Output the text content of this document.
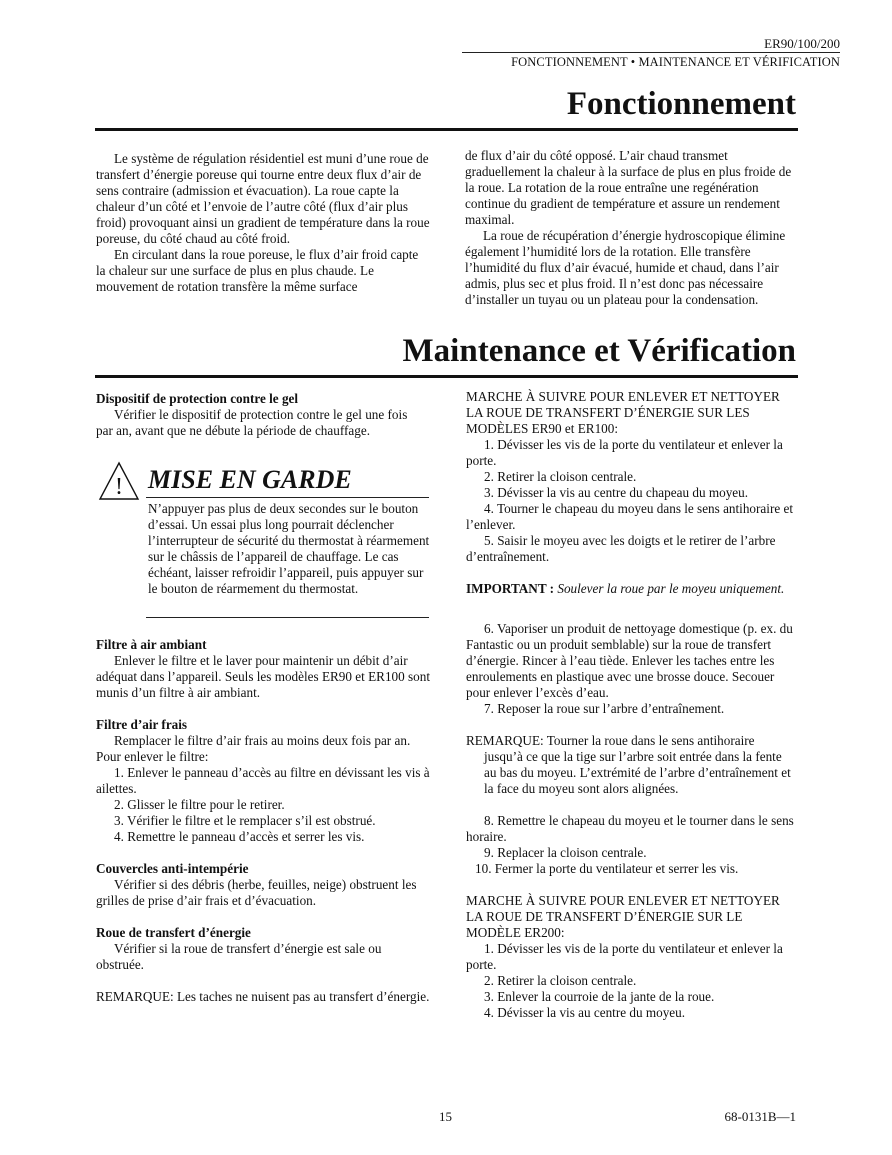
ER90/100/200
FONCTIONNEMENT • MAINTENANCE ET VÉRIFICATION
Fonctionnement

Le système de régulation résidentiel est muni d’une roue de transfert d’énergie poreuse qui tourne entre deux flux d’air de sens contraire (admission et évacuation). La roue capte la chaleur d’un côté et l’envoie de l’autre côté (flux d’air plus froid) provoquant ainsi un gradient de température dans la roue poreuse, du côté chaud au côté froid.

En circulant dans la roue poreuse, le flux d’air froid capte la chaleur sur une surface de plus en plus chaude. Le mouvement de rotation transfère la même surface

de flux d’air du côté opposé. L’air chaud transmet graduellement la chaleur à la surface de plus en plus froide de la roue. La rotation de la roue entraîne une regénération continue du gradient de température et assure un rendement maximal.

La roue de récupération d’énergie hydroscopique élimine également l’humidité lors de la rotation. Elle transfère l’humidité du flux d’air évacué, humide et chaud, dans l’air admis, plus sec et plus froid. Il n’est donc pas nécessaire d’installer un tuyau ou un plateau pour la condensation.

Maintenance et Vérification

Dispositif de protection contre le gel

Vérifier le dispositif de protection contre le gel une fois par an, avant que ne débute la période de chauffage.

! MISE EN GARDE
N’appuyer pas plus de deux secondes sur le bouton d’essai. Un essai plus long pourrait déclencher l’interrupteur de sécurité du thermostat à réarmement sur le châssis de l’appareil de chauffage. Le cas échéant, laisser refroidir l’appareil, puis appuyer sur le bouton de réarmement du thermostat.

Filtre à air ambiant

Enlever le filtre et le laver pour maintenir un débit d’air adéquat dans l’appareil. Seuls les modèles ER90 et ER100 sont munis d’un filtre à air ambiant.

Filtre d’air frais

Remplacer le filtre d’air frais au moins deux fois par an. Pour enlever le filtre:

1. Enlever le panneau d’accès au filtre en dévissant les vis à ailettes.

2. Glisser le filtre pour le retirer.

3. Vérifier le filtre et le remplacer s’il est obstrué.

4. Remettre le panneau d’accès et serrer les vis.

Couvercles anti-intempérie

Vérifier si des débris (herbe, feuilles, neige) obstruent les grilles de prise d’air frais et d’évacuation.

Roue de transfert d’énergie

Vérifier si la roue de transfert d’énergie est sale ou obstruée.

REMARQUE: Les taches ne nuisent pas au transfert d’énergie.

MARCHE À SUIVRE POUR ENLEVER ET NETTOYER LA ROUE DE TRANSFERT D’ÉNERGIE SUR LES MODÈLES ER90 et ER100:

1. Dévisser les vis de la porte du ventilateur et enlever la porte.

2. Retirer la cloison centrale.

3. Dévisser la vis au centre du chapeau du moyeu.

4. Tourner le chapeau du moyeu dans le sens antihoraire et l’enlever.

5. Saisir le moyeu avec les doigts et le retirer de l’arbre d’entraînement.

IMPORTANT : Soulever la roue par le moyeu uniquement.

6. Vaporiser un produit de nettoyage domestique (p. ex. du Fantastic ou un produit semblable) sur la roue de transfert d’énergie. Rincer à l’eau tiède. Enlever les taches entre les enroulements en plastique avec une brosse douce. Secouer pour enlever l’excès d’eau.

7. Reposer la roue sur l’arbre d’entraînement.

REMARQUE: Tourner la roue dans le sens antihoraire jusqu’à ce que la tige sur l’arbre soit entrée dans la fente au bas du moyeu. L’extrémité de l’arbre d’entraînement et la face du moyeu sont alors alignées.

8. Remettre le chapeau du moyeu et le tourner dans le sens horaire.

9. Replacer la cloison centrale.

10. Fermer la porte du ventilateur et serrer les vis.

MARCHE À SUIVRE POUR ENLEVER ET NETTOYER LA ROUE DE TRANSFERT D’ÉNERGIE SUR LE MODÈLE ER200:

1. Dévisser les vis de la porte du ventilateur et enlever la porte.

2. Retirer la cloison centrale.

3. Enlever la courroie de la jante de la roue.

4. Dévisser la vis au centre du moyeu.

15	68-0131B—1
